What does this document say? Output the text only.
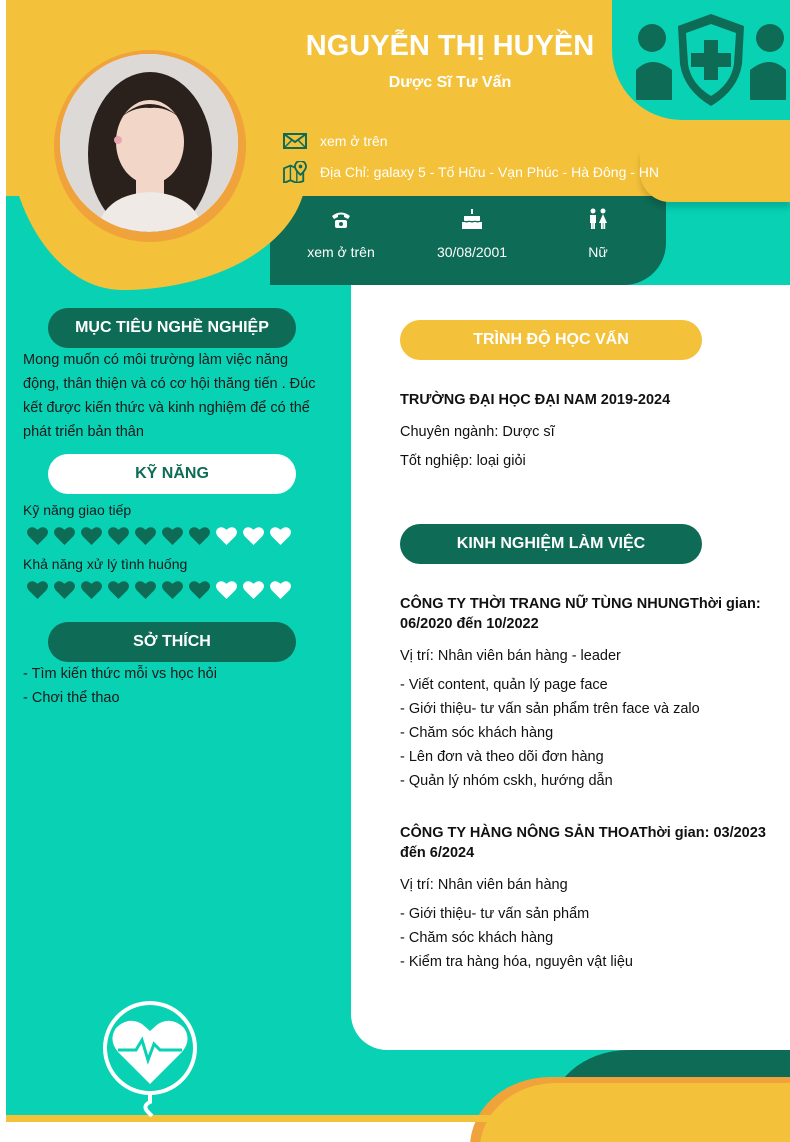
NGUYỄN THỊ HUYỀN
Dược Sĩ Tư Vấn
xem ở trên
Địa Chỉ: galaxy 5 - Tố Hữu - Vạn Phúc - Hà Đông - HN
xem ở trên	30/08/2001	Nữ
MỤC TIÊU NGHỀ NGHIỆP
Mong muốn có môi trường làm việc năng động, thân thiện và có cơ hội thăng tiến . Đúc kết được kiến thức và kinh nghiệm để có thể phát triển bản thân
KỸ NĂNG
Kỹ năng giao tiếp
Khả năng xử lý tình huống
SỞ THÍCH
- Tìm kiến thức mỗi vs học hỏi
- Chơi thể thao
TRÌNH ĐỘ HỌC VẤN
TRƯỜNG ĐẠI HỌC ĐẠI NAM 2019-2024
Chuyên ngành: Dược sĩ
Tốt nghiệp: loại giỏi
KINH NGHIỆM LÀM VIỆC
CÔNG TY THỜI TRANG NỮ TÙNG NHUNGThời gian: 06/2020 đến 10/2022
Vị trí: Nhân viên bán hàng - leader
- Viết content, quản lý page face
- Giới thiệu- tư vấn sản phẩm trên face và zalo
- Chăm sóc khách hàng
- Lên đơn và theo dõi đơn hàng
- Quản lý nhóm cskh, hướng dẫn
CÔNG TY HÀNG NÔNG SẢN THOAThời gian: 03/2023 đến 6/2024
Vị trí: Nhân viên bán hàng
- Giới thiệu- tư vấn sản phẩm
- Chăm sóc khách hàng
- Kiểm tra hàng hóa, nguyên vật liệu
